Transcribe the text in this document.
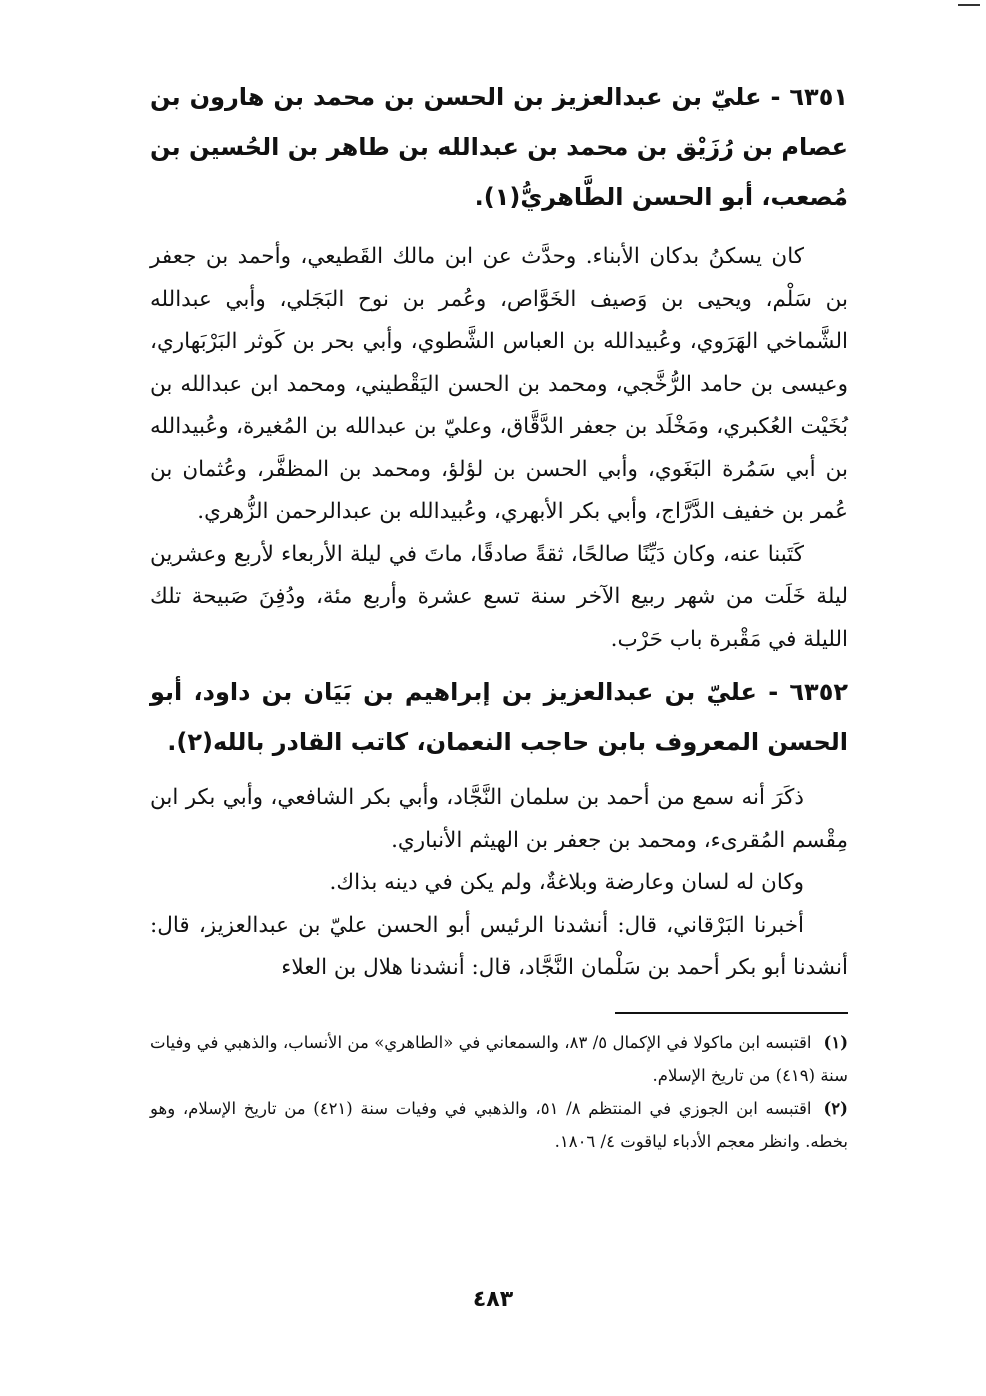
٦٣٥١ - عليّ بن عبدالعزيز بن الحسن بن محمد بن هارون بن عصام بن رُزَيْق بن محمد بن عبدالله بن طاهر بن الحُسين بن مُصعب، أبو الحسن الطَّاهريُّ(١).

كان يسكنُ بدكان الأبناء. وحدَّث عن ابن مالك القَطيعي، وأحمد بن جعفر بن سَلْم، ويحيى بن وَصيف الخَوَّاص، وعُمر بن نوح البَجَلي، وأبي عبدالله الشَّماخي الهَرَوي، وعُبيدالله بن العباس الشَّطوي، وأبي بحر بن كَوثر البَرْبَهاري، وعيسى بن حامد الرُّخَّجي، ومحمد بن الحسن اليَقْطيني، ومحمد ابن عبدالله بن بُخَيْت العُكبري، ومَخْلَد بن جعفر الدَّقَّاق، وعليّ بن عبدالله بن المُغيرة، وعُبيدالله بن أبي سَمُرة البَغَوي، وأبي الحسن بن لؤلؤ، ومحمد بن المظفَّر، وعُثمان بن عُمر بن خفيف الدَّرَّاج، وأبي بكر الأبهري، وعُبيدالله بن عبدالرحمن الزُّهري.

كَتَبنا عنه، وكان دَيِّنًا صالحًا، ثقةً صادقًا، ماتَ في ليلة الأربعاء لأربع وعشرين ليلة خَلَت من شهر ربيع الآخر سنة تسع عشرة وأربع مئة، ودُفِنَ صَبيحة تلك الليلة في مَقْبرة باب حَرْب.

٦٣٥٢ - عليّ بن عبدالعزيز بن إبراهيم بن بَيَان بن داود، أبو الحسن المعروف بابن حاجب النعمان، كاتب القادر بالله(٢).

ذكَرَ أنه سمع من أحمد بن سلمان النَّجَّاد، وأبي بكر الشافعي، وأبي بكر ابن مِقْسم المُقرىء، ومحمد بن جعفر بن الهيثم الأنباري.

وكان له لسان وعارضة وبلاغةٌ، ولم يكن في دينه بذاك.

أخبرنا البَرْقاني، قال: أنشدنا الرئيس أبو الحسن عليّ بن عبدالعزيز، قال: أنشدنا أبو بكر أحمد بن سَلْمان النَّجَّاد، قال: أنشدنا هلال بن العلاء

(١)اقتبسه ابن ماكولا في الإكمال ٥/ ٨٣، والسمعاني في «الطاهري» من الأنساب، والذهبي في وفيات سنة (٤١٩) من تاريخ الإسلام.

(٢)اقتبسه ابن الجوزي في المنتظم ٨/ ٥١، والذهبي في وفيات سنة (٤٢١) من تاريخ الإسلام، وهو بخطه. وانظر معجم الأدباء لياقوت ٤/ ١٨٠٦.

٤٨٣
